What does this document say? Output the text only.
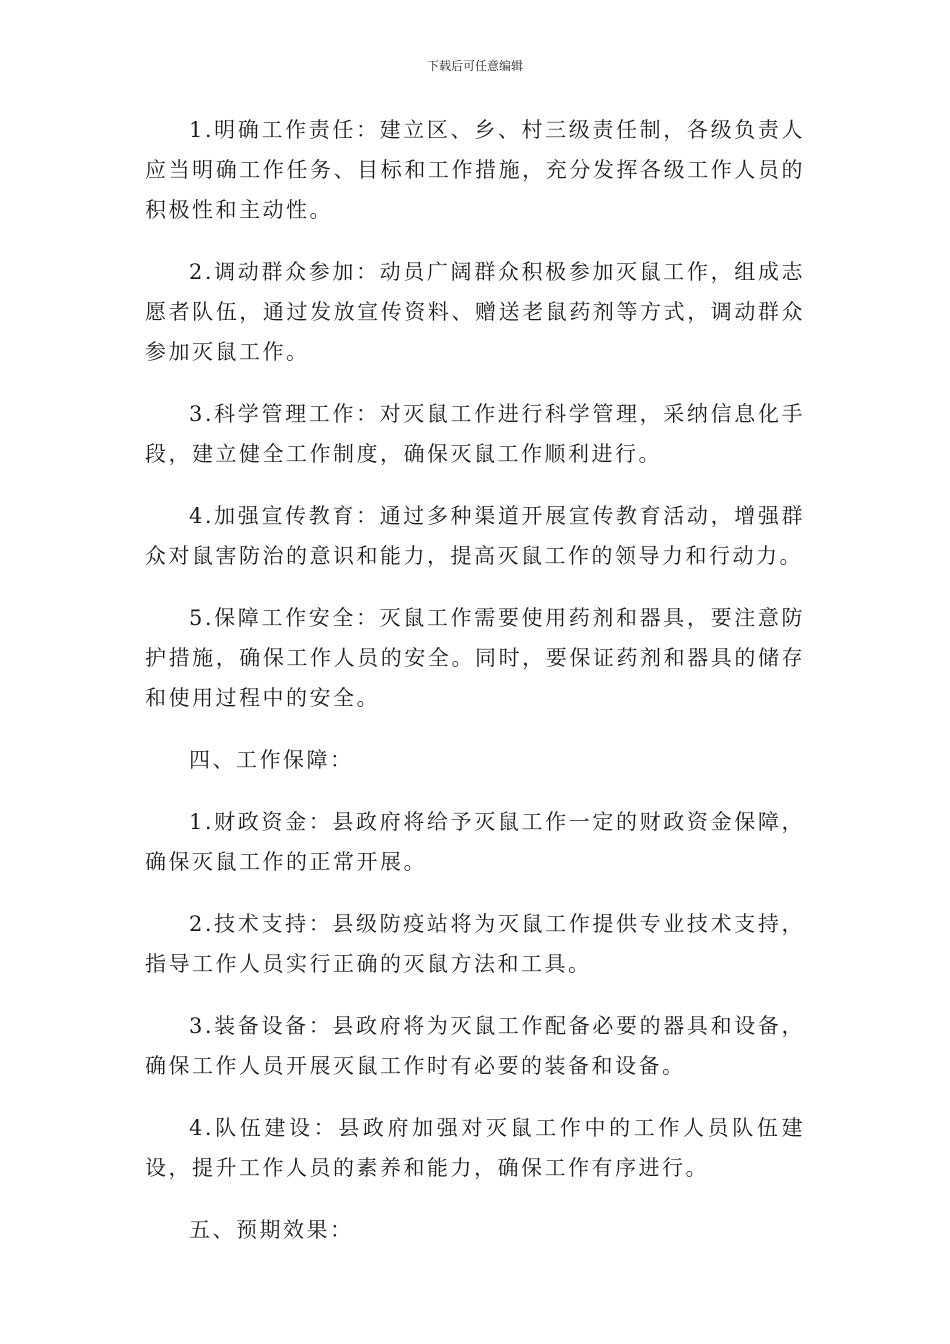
下载后可任意编辑

1.明确工作责任：建立区、乡、村三级责任制，各级负责人应当明确工作任务、目标和工作措施，充分发挥各级工作人员的积极性和主动性。

2.调动群众参加：动员广阔群众积极参加灭鼠工作，组成志愿者队伍，通过发放宣传资料、赠送老鼠药剂等方式，调动群众参加灭鼠工作。

3.科学管理工作：对灭鼠工作进行科学管理，采纳信息化手段，建立健全工作制度，确保灭鼠工作顺利进行。

4.加强宣传教育：通过多种渠道开展宣传教育活动，增强群众对鼠害防治的意识和能力，提高灭鼠工作的领导力和行动力。

5.保障工作安全：灭鼠工作需要使用药剂和器具，要注意防护措施，确保工作人员的安全。同时，要保证药剂和器具的储存和使用过程中的安全。

四、工作保障：

1.财政资金：县政府将给予灭鼠工作一定的财政资金保障，确保灭鼠工作的正常开展。

2.技术支持：县级防疫站将为灭鼠工作提供专业技术支持，指导工作人员实行正确的灭鼠方法和工具。

3.装备设备：县政府将为灭鼠工作配备必要的器具和设备，确保工作人员开展灭鼠工作时有必要的装备和设备。

4.队伍建设：县政府加强对灭鼠工作中的工作人员队伍建设，提升工作人员的素养和能力，确保工作有序进行。

五、预期效果：
